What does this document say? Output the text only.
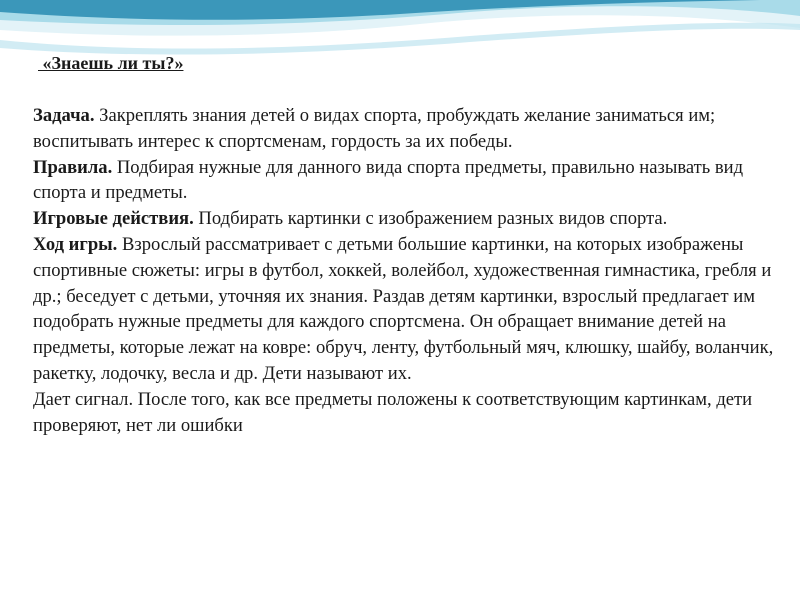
«Знаешь ли ты?»

Задача. Закреплять знания детей о видах спорта, пробуждать желание заниматься им; воспитывать интерес к спортсменам, гордость за их победы.

Правила. Подбирая нужные для данного вида спорта предметы, правильно называть вид спорта и предметы.

Игровые действия. Подбирать картинки с изображением разных видов спорта.

Ход игры. Взрослый рассматривает с детьми большие картинки, на которых изображены спортивные сюжеты: игры в футбол, хоккей, волейбол, художественная гимнастика, гребля и др.; беседует с детьми, уточняя их знания. Раздав детям картинки, взрослый предлагает им подобрать нужные предметы для каждого спортсмена. Он обращает внимание детей на предметы, которые лежат на ковре: обруч, ленту, футбольный мяч, клюшку, шайбу, воланчик, ракетку, лодочку, весла и др. Дети называют их.

Дает сигнал. После того, как все предметы положены к соответствующим картинкам, дети проверяют, нет ли ошибки
